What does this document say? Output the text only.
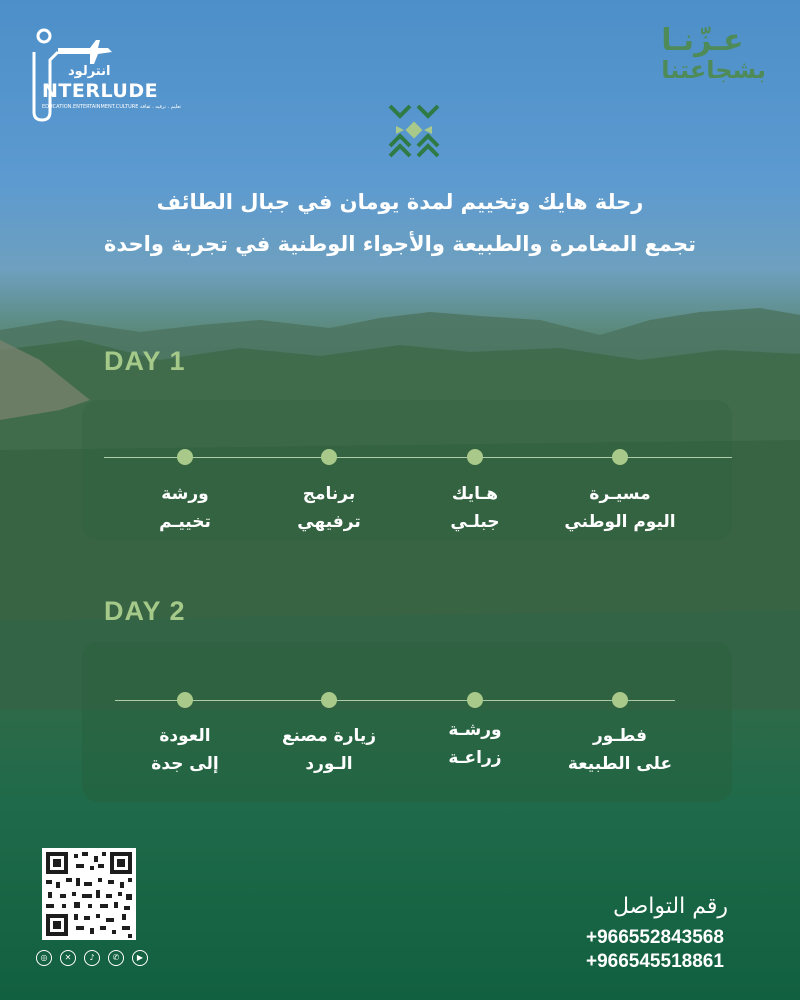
انترلود
NTERLUDE
EDUCATION.ENTERTAINMENT.CULTURE تعليم . ترفيه . ثقافة
عـزّنـا
بشجاعتنا
رحلة هايك وتخييم لمدة يومان في جبال الطائف
تجمع المغامرة والطبيعة والأجواء الوطنية في تجربة واحدة
DAY 1
مسيـرة
اليوم الوطني
هـايك
جبلـي
برنامج
ترفيهي
ورشة
تخييـم
DAY 2
فطـور
على الطبيعة
ورشـة
زراعـة
زيارة مصنع
الـورد
العودة
إلى جدة
◎	✕	♪	✆	▶
رقم التواصل
+966552843568
+966545518861
